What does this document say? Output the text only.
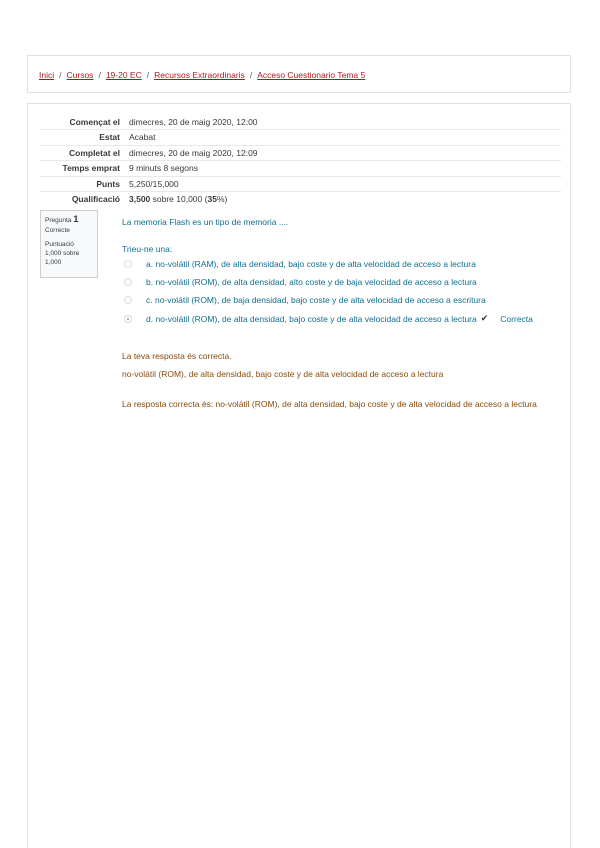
Inici / Cursos / 19-20 EC / Recursos Extraordinaris / Acceso Cuestionario Tema 5
Començat el	dimecres, 20 de maig 2020, 12:00
Estat	Acabat
Completat el	dimecres, 20 de maig 2020, 12:09
Temps emprat	9 minuts 8 segons
Punts	5,250/15,000
Qualificació	3,500 sobre 10,000 (35%)
Pregunta 1
Correcte
Puntuació
1,000 sobre
1,000

La memoria Flash es un tipo de memoria ....

Trieu-ne una:
a. no-volátil (RAM), de alta densidad, bajo coste y de alta velocidad de acceso a lectura
b. no-volátil (ROM), de alta densidad, alto coste y de baja velocidad de acceso a lectura
c. no-volátil (ROM), de baja densidad, bajo coste y de alta velocidad de acceso a escritura
d. no-volátil (ROM), de alta densidad, bajo coste y de alta velocidad de acceso a lectura ✔ Correcta
La teva resposta és correcta.
no-volátil (ROM), de alta densidad, bajo coste y de alta velocidad de acceso a lectura
La resposta correcta és: no-volátil (ROM), de alta densidad, bajo coste y de alta velocidad de acceso a lectura
